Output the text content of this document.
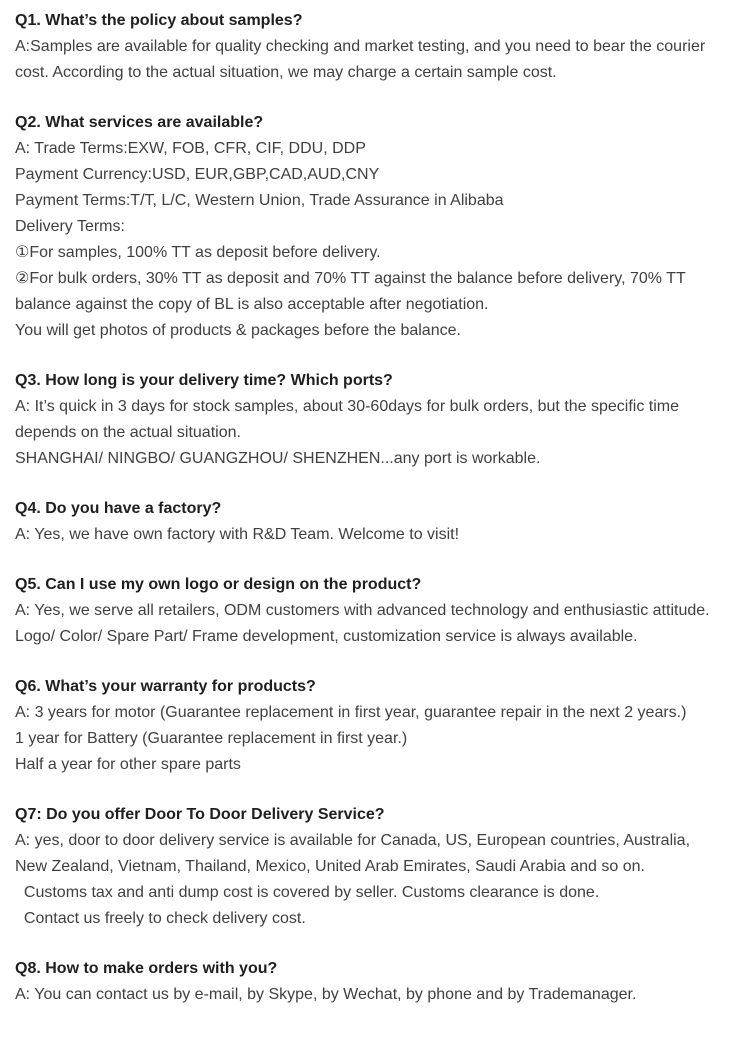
Q1. What’s the policy about samples?

A:Samples are available for quality checking and market testing, and you need to bear the courier cost. According to the actual situation, we may charge a certain sample cost.

Q2. What services are available?

A: Trade Terms:EXW, FOB, CFR, CIF, DDU, DDP

Payment Currency:USD, EUR,GBP,CAD,AUD,CNY

Payment Terms:T/T, L/C, Western Union, Trade Assurance in Alibaba

Delivery Terms:

①For samples, 100% TT as deposit before delivery.

②For bulk orders, 30% TT as deposit and 70% TT against the balance before delivery, 70% TT balance against the copy of BL is also acceptable after negotiation.

You will get photos of products & packages before the balance.

Q3. How long is your delivery time? Which ports?

A: It’s quick in 3 days for stock samples, about 30-60days for bulk orders, but the specific time depends on the actual situation.

SHANGHAI/ NINGBO/ GUANGZHOU/ SHENZHEN...any port is workable.

Q4. Do you have a factory?

A: Yes, we have own factory with R&D Team. Welcome to visit!

Q5. Can I use my own logo or design on the product?

A: Yes, we serve all retailers, ODM customers with advanced technology and enthusiastic attitude.

Logo/ Color/ Spare Part/ Frame development, customization service is always available.

Q6. What’s your warranty for products?

A: 3 years for motor (Guarantee replacement in first year, guarantee repair in the next 2 years.)

1 year for Battery (Guarantee replacement in first year.)

Half a year for other spare parts

Q7: Do you offer Door To Door Delivery Service?

A: yes, door to door delivery service is available for Canada, US, European countries, Australia, New Zealand, Vietnam, Thailand, Mexico, United Arab Emirates, Saudi Arabia and so on.

Customs tax and anti dump cost is covered by seller. Customs clearance is done.

Contact us freely to check delivery cost.

Q8. How to make orders with you?

A: You can contact us by e-mail, by Skype, by Wechat, by phone and by Trademanager.
